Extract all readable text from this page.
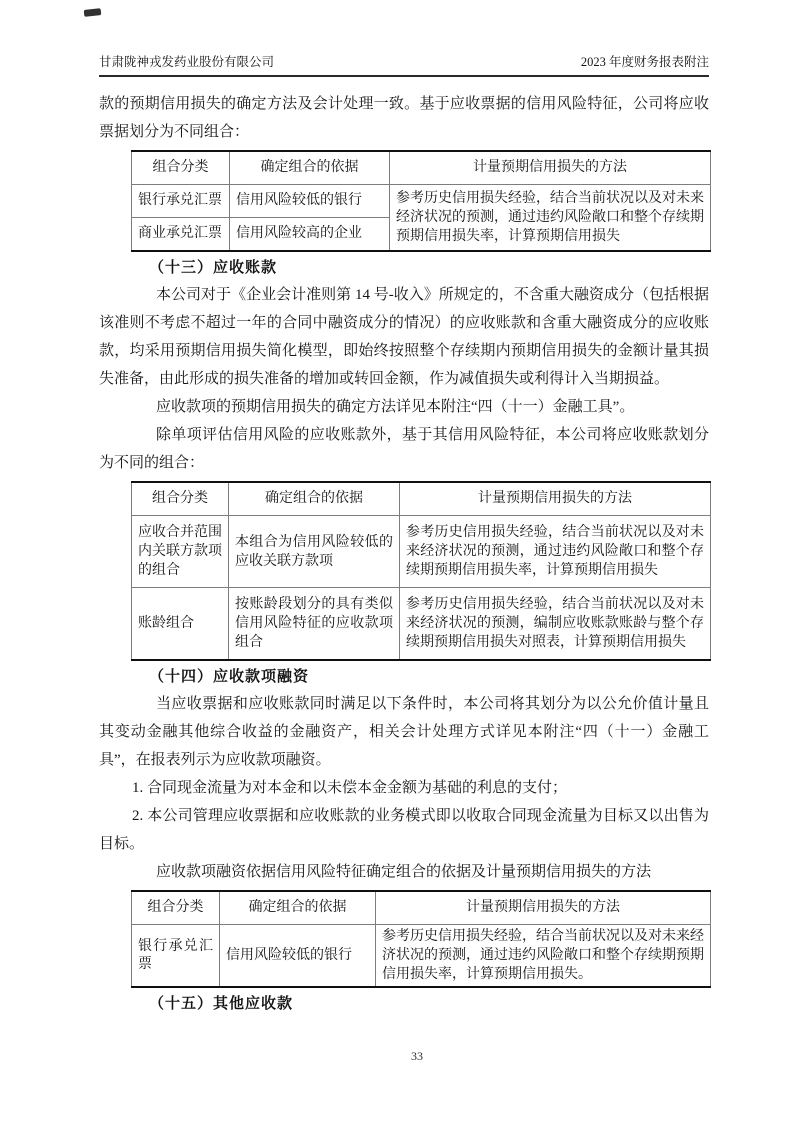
甘肃陇神戎发药业股份有限公司	2023 年度财务报表附注

款的预期信用损失的确定方法及会计处理一致。基于应收票据的信用风险特征，公司将应收票据划分为不同组合：

组合分类	确定组合的依据	计量预期信用损失的方法
银行承兑汇票	信用风险较低的银行	参考历史信用损失经验，结合当前状况以及对未来经济状况的预测，通过违约风险敞口和整个存续期预期信用损失率，计算预期信用损失
商业承兑汇票	信用风险较高的企业	

（十三）应收账款

本公司对于《企业会计准则第 14 号-收入》所规定的，不含重大融资成分（包括根据该准则不考虑不超过一年的合同中融资成分的情况）的应收账款和含重大融资成分的应收账款，均采用预期信用损失简化模型，即始终按照整个存续期内预期信用损失的金额计量其损失准备，由此形成的损失准备的增加或转回金额，作为减值损失或利得计入当期损益。

应收款项的预期信用损失的确定方法详见本附注“四（十一）金融工具”。

除单项评估信用风险的应收账款外，基于其信用风险特征，本公司将应收账款划分为不同的组合：

组合分类	确定组合的依据	计量预期信用损失的方法
应收合并范围内关联方款项的组合	本组合为信用风险较低的应收关联方款项	参考历史信用损失经验，结合当前状况以及对未来经济状况的预测，通过违约风险敞口和整个存续期预期信用损失率，计算预期信用损失
账龄组合	按账龄段划分的具有类似信用风险特征的应收款项组合	参考历史信用损失经验，结合当前状况以及对未来经济状况的预测，编制应收账款账龄与整个存续期预期信用损失对照表，计算预期信用损失

（十四）应收款项融资

当应收票据和应收账款同时满足以下条件时，本公司将其划分为以公允价值计量且其变动金融其他综合收益的金融资产，相关会计处理方式详见本附注“四（十一）金融工具”，在报表列示为应收款项融资。

1. 合同现金流量为对本金和以未偿本金金额为基础的利息的支付；

2. 本公司管理应收票据和应收账款的业务模式即以收取合同现金流量为目标又以出售为目标。

应收款项融资依据信用风险特征确定组合的依据及计量预期信用损失的方法

组合分类	确定组合的依据	计量预期信用损失的方法
银行承兑汇票	信用风险较低的银行	参考历史信用损失经验，结合当前状况以及对未来经济状况的预测，通过违约风险敞口和整个存续期预期信用损失率，计算预期信用损失。

（十五）其他应收款

33
